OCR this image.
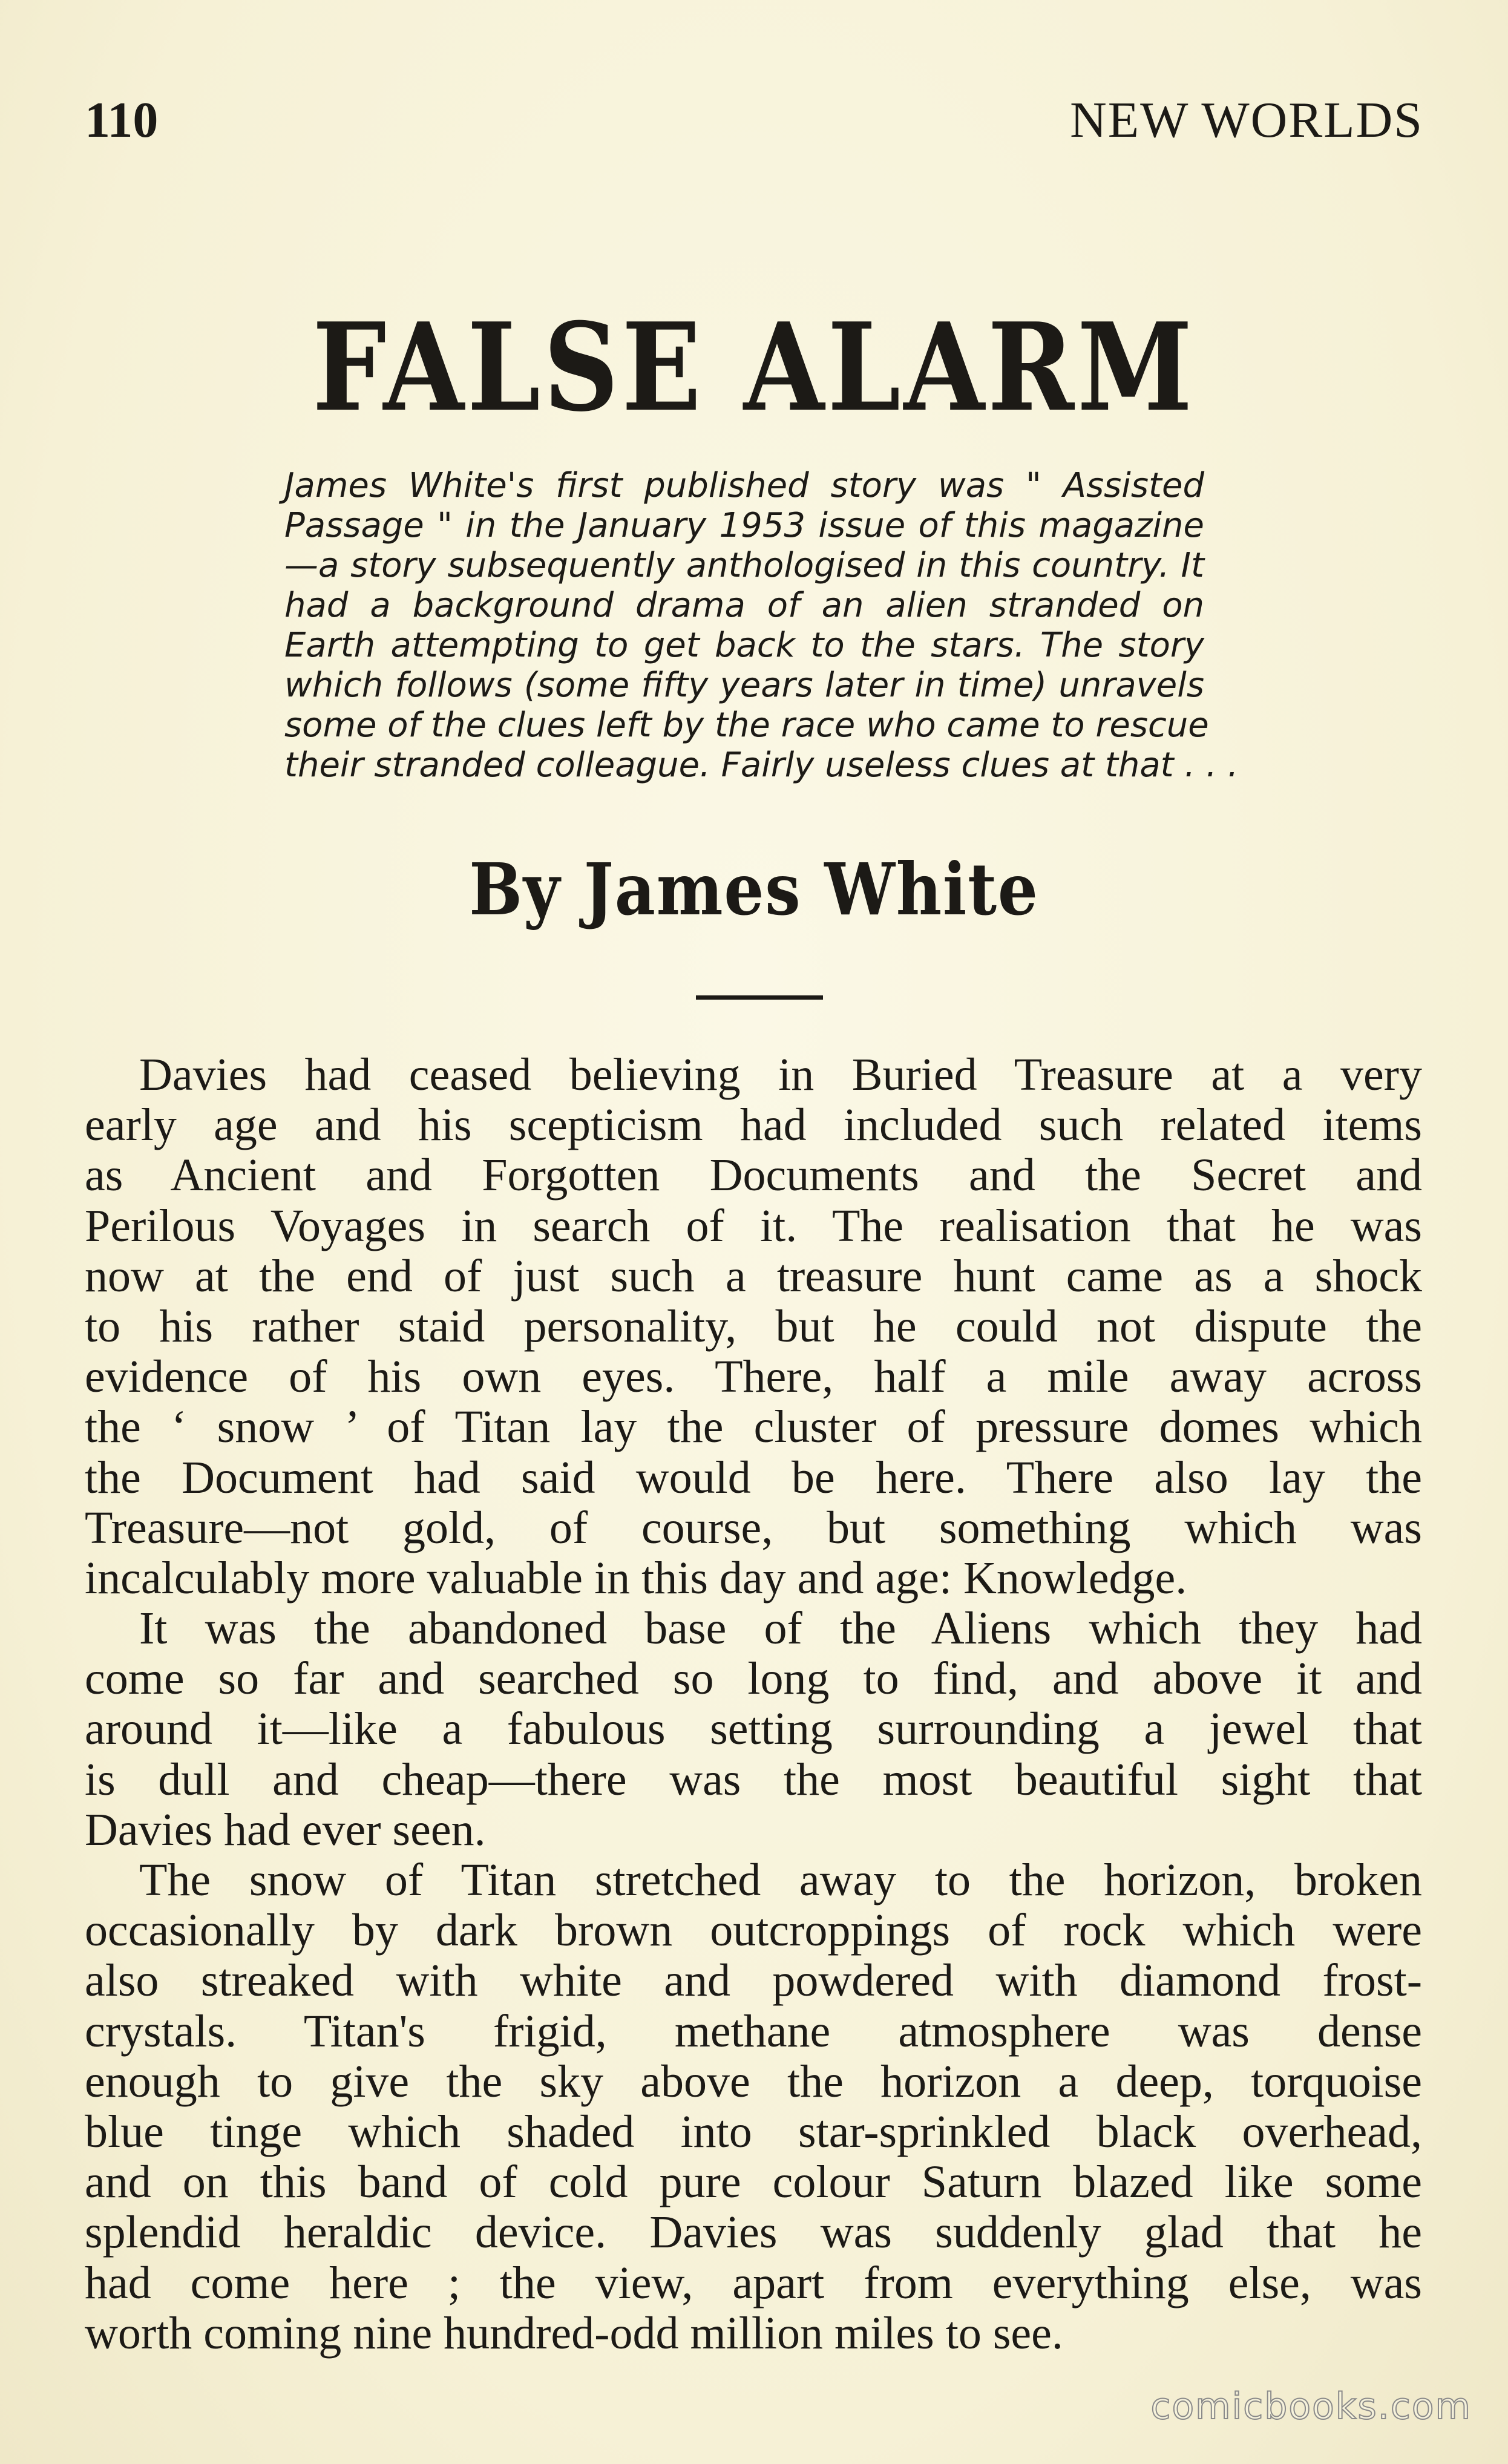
110	NEW WORLDS
FALSE ALARM
James White's first published story was " Assisted
Passage " in the January 1953 issue of this magazine
—a story subsequently anthologised in this country. It
had a background drama of an alien stranded on
Earth attempting to get back to the stars. The story
which follows (some fifty years later in time) unravels
some of the clues left by the race who came to rescue
their stranded colleague. Fairly useless clues at that . . .
By James White
Davies had ceased believing in Buried Treasure at a very
early age and his scepticism had included such related items
as Ancient and Forgotten Documents and the Secret and
Perilous Voyages in search of it. The realisation that he was
now at the end of just such a treasure hunt came as a shock
to his rather staid personality, but he could not dispute the
evidence of his own eyes. There, half a mile away across
the ‘ snow ’ of Titan lay the cluster of pressure domes which
the Document had said would be here. There also lay the
Treasure—not gold, of course, but something which was
incalculably more valuable in this day and age: Knowledge.
It was the abandoned base of the Aliens which they had
come so far and searched so long to find, and above it and
around it—like a fabulous setting surrounding a jewel that
is dull and cheap—there was the most beautiful sight that
Davies had ever seen.
The snow of Titan stretched away to the horizon, broken
occasionally by dark brown outcroppings of rock which were
also streaked with white and powdered with diamond frost-
crystals. Titan's frigid, methane atmosphere was dense
enough to give the sky above the horizon a deep, torquoise
blue tinge which shaded into star-sprinkled black overhead,
and on this band of cold pure colour Saturn blazed like some
splendid heraldic device. Davies was suddenly glad that he
had come here ; the view, apart from everything else, was
worth coming nine hundred-odd million miles to see.
comicbooks.com
